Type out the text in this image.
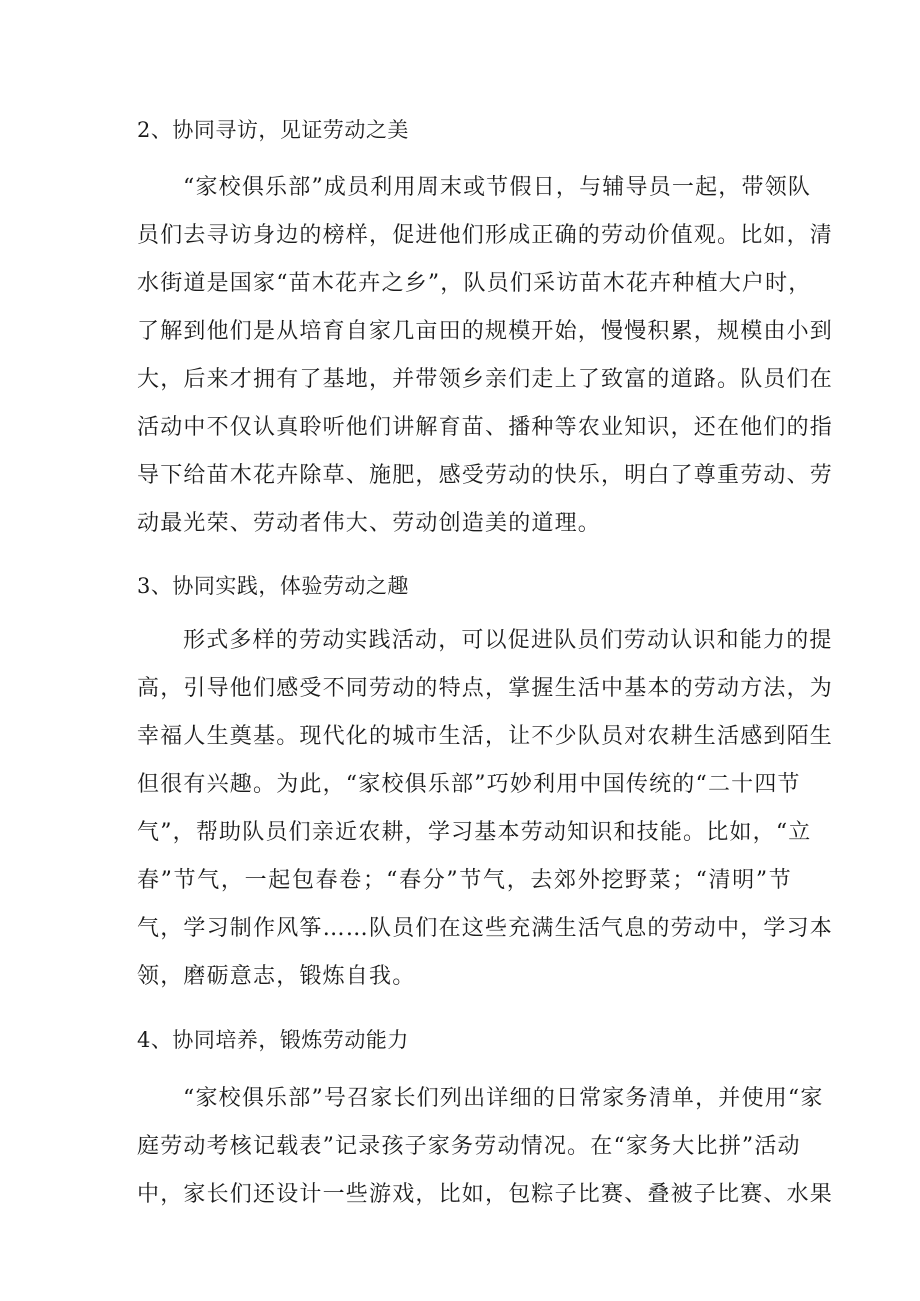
2、协同寻访，见证劳动之美
“家校俱乐部”成员利用周末或节假日，与辅导员一起，带领队
员们去寻访身边的榜样，促进他们形成正确的劳动价值观。比如，清
水街道是国家“苗木花卉之乡”，队员们采访苗木花卉种植大户时，
了解到他们是从培育自家几亩田的规模开始，慢慢积累，规模由小到
大，后来才拥有了基地，并带领乡亲们走上了致富的道路。队员们在
活动中不仅认真聆听他们讲解育苗、播种等农业知识，还在他们的指
导下给苗木花卉除草、施肥，感受劳动的快乐，明白了尊重劳动、劳
动最光荣、劳动者伟大、劳动创造美的道理。
3、协同实践，体验劳动之趣
形式多样的劳动实践活动，可以促进队员们劳动认识和能力的提
高，引导他们感受不同劳动的特点，掌握生活中基本的劳动方法，为
幸福人生奠基。现代化的城市生活，让不少队员对农耕生活感到陌生
但很有兴趣。为此，“家校俱乐部”巧妙利用中国传统的“二十四节
气”，帮助队员们亲近农耕，学习基本劳动知识和技能。比如，“立
春”节气，一起包春卷；“春分”节气，去郊外挖野菜；“清明”节
气，学习制作风筝……队员们在这些充满生活气息的劳动中，学习本
领，磨砺意志，锻炼自我。
4、协同培养，锻炼劳动能力
“家校俱乐部”号召家长们列出详细的日常家务清单，并使用“家
庭劳动考核记载表”记录孩子家务劳动情况。在“家务大比拼”活动
中，家长们还设计一些游戏，比如，包粽子比赛、叠被子比赛、水果
